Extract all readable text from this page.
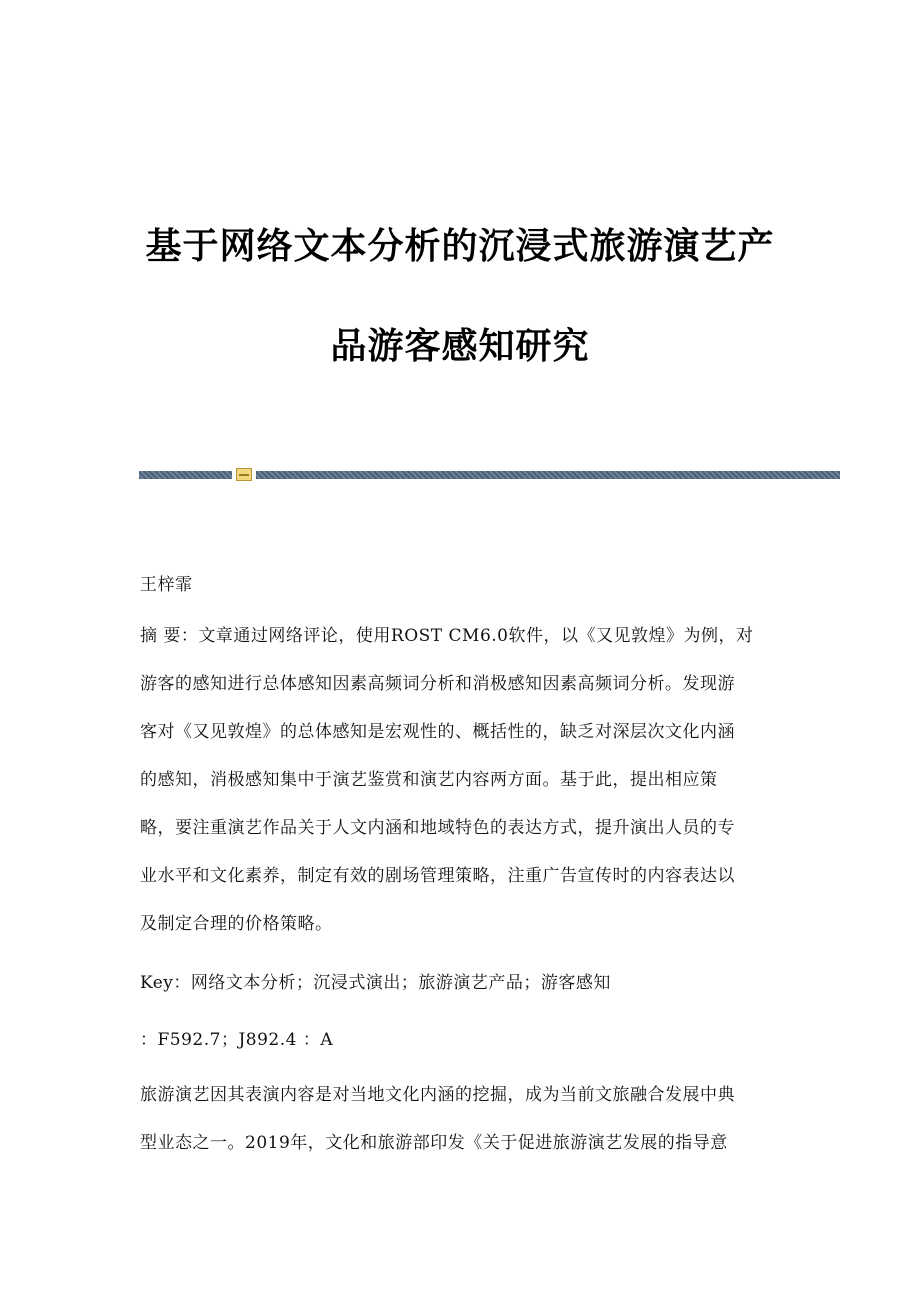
基于网络文本分析的沉浸式旅游演艺产
品游客感知研究
王梓霏
摘 要：文章通过网络评论，使用ROST CM6.0软件，以《又见敦煌》为例，对
游客的感知进行总体感知因素高频词分析和消极感知因素高频词分析。发现游
客对《又见敦煌》的总体感知是宏观性的、概括性的，缺乏对深层次文化内涵
的感知，消极感知集中于演艺鉴赏和演艺内容两方面。基于此，提出相应策
略，要注重演艺作品关于人文内涵和地域特色的表达方式，提升演出人员的专
业水平和文化素养，制定有效的剧场管理策略，注重广告宣传时的内容表达以
及制定合理的价格策略。
Key：网络文本分析；沉浸式演出；旅游演艺产品；游客感知
：F592.7；J892.4 ：A
旅游演艺因其表演内容是对当地文化内涵的挖掘，成为当前文旅融合发展中典
型业态之一。2019年，文化和旅游部印发《关于促进旅游演艺发展的指导意
